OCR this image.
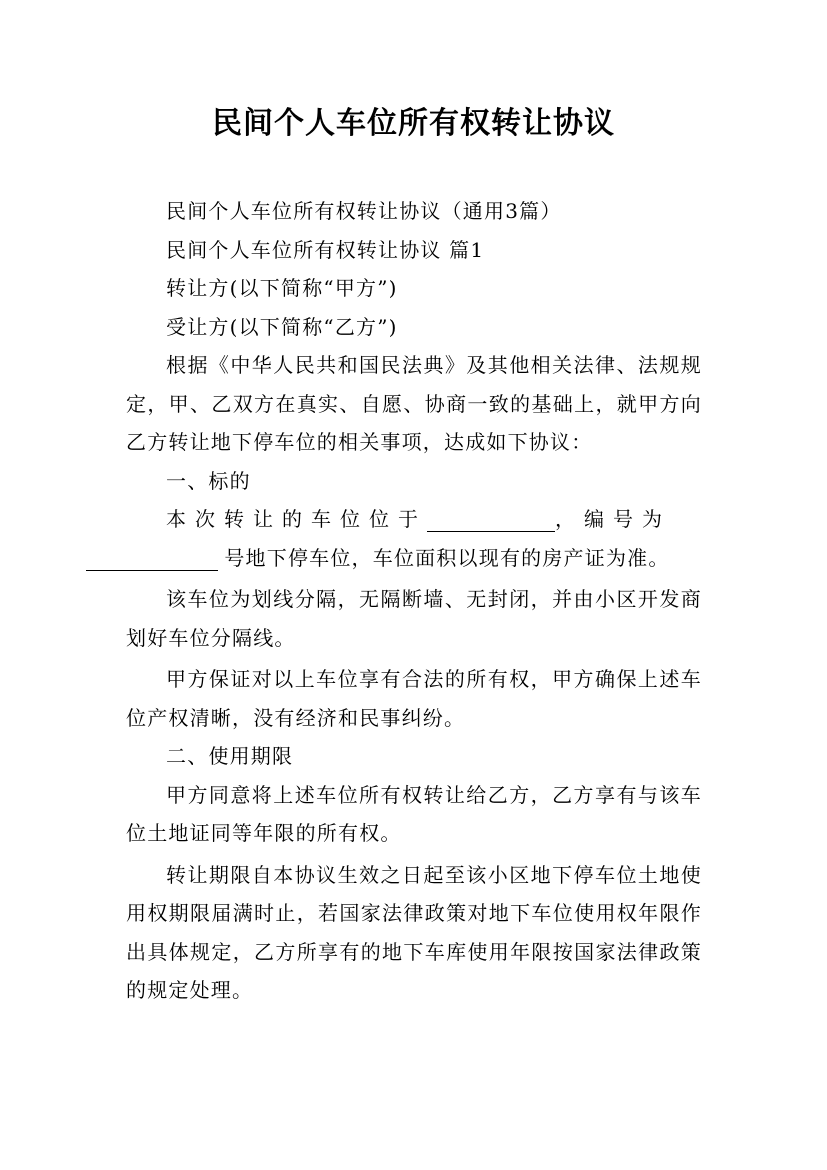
民间个人车位所有权转让协议

民间个人车位所有权转让协议（通用3篇）

民间个人车位所有权转让协议 篇1

转让方(以下简称“甲方”)

受让方(以下简称“乙方”)

根据《中华人民共和国民法典》及其他相关法律、法规规定，甲、乙双方在真实、自愿、协商一致的基础上，就甲方向乙方转让地下停车位的相关事项，达成如下协议：

一、标的

本次转让的车位位于	，编号为
号地下停车位，车位面积以现有的房产证为准。

该车位为划线分隔，无隔断墙、无封闭，并由小区开发商划好车位分隔线。

甲方保证对以上车位享有合法的所有权，甲方确保上述车位产权清晰，没有经济和民事纠纷。

二、使用期限

甲方同意将上述车位所有权转让给乙方，乙方享有与该车位土地证同等年限的所有权。

转让期限自本协议生效之日起至该小区地下停车位土地使用权期限届满时止，若国家法律政策对地下车位使用权年限作出具体规定，乙方所享有的地下车库使用年限按国家法律政策的规定处理。
